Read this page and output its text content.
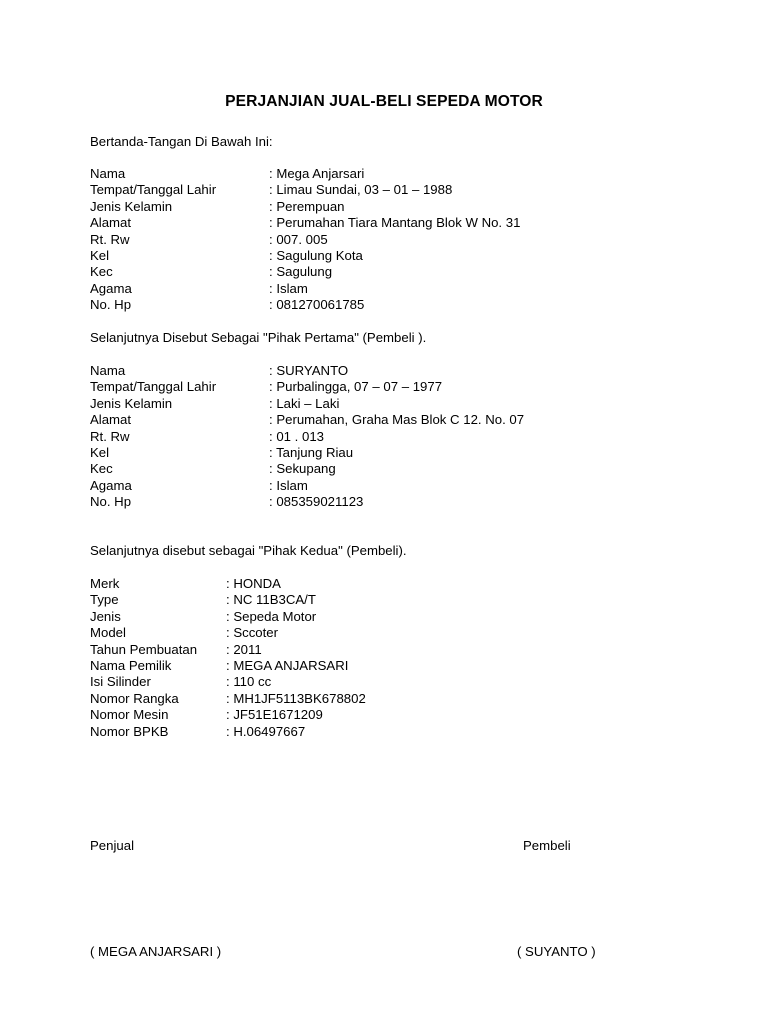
PERJANJIAN JUAL-BELI SEPEDA MOTOR
Bertanda-Tangan Di Bawah Ini:
Nama	: Mega Anjarsari
Tempat/Tanggal Lahir	: Limau Sundai, 03 – 01 – 1988
Jenis Kelamin	: Perempuan
Alamat	: Perumahan Tiara Mantang Blok W No. 31
Rt. Rw	: 007. 005
Kel	: Sagulung Kota
Kec	: Sagulung
Agama	: Islam
No. Hp	: 081270061785
Selanjutnya Disebut Sebagai "Pihak Pertama" (Pembeli ).
Nama	: SURYANTO
Tempat/Tanggal Lahir	: Purbalingga, 07 – 07 – 1977
Jenis Kelamin	: Laki – Laki
Alamat	: Perumahan, Graha Mas Blok C 12. No. 07
Rt. Rw	: 01 . 013
Kel	: Tanjung Riau
Kec	: Sekupang
Agama	: Islam
No. Hp	: 085359021123
Selanjutnya disebut sebagai "Pihak Kedua" (Pembeli).
Merk	: HONDA
Type	: NC 11B3CA/T
Jenis	: Sepeda Motor
Model	: Sccoter
Tahun Pembuatan	: 2011
Nama Pemilik	: MEGA ANJARSARI
Isi Silinder	: 110 cc
Nomor Rangka	: MH1JF5113BK678802
Nomor Mesin	: JF51E1671209
Nomor BPKB	: H.06497667
Penjual	Pembeli
( MEGA ANJARSARI )	( SUYANTO )
